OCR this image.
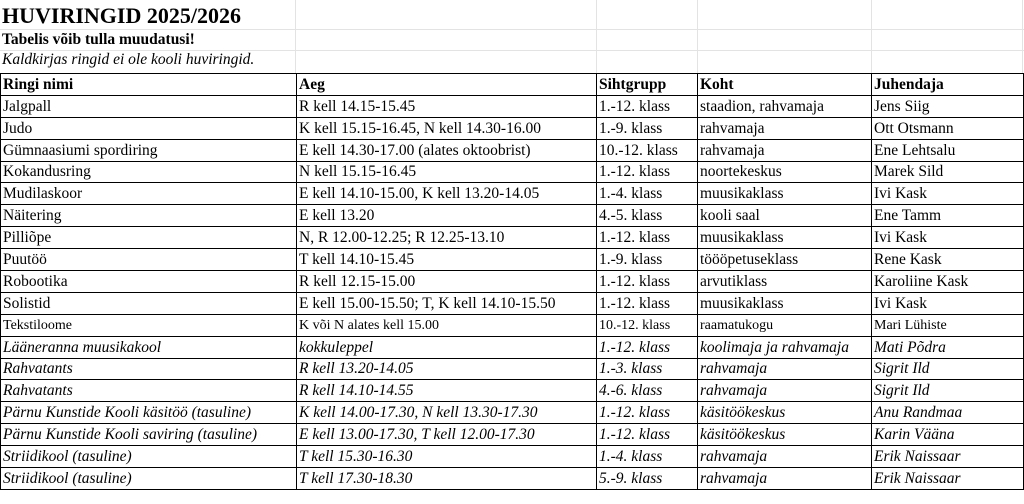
HUVIRINGID 2025/2026
Tabelis võib tulla muudatusi!
Kaldkirjas ringid ei ole kooli huviringid.
Ringi nimi	Aeg	Sihtgrupp	Koht	Juhendaja
Jalgpall	R kell 14.15-15.45	1.-12. klass	staadion, rahvamaja	Jens Siig
Judo	K kell 15.15-16.45, N kell 14.30-16.00	1.-9. klass	rahvamaja	Ott Otsmann
Gümnaasiumi spordiring	E kell 14.30-17.00 (alates oktoobrist)	10.-12. klass	rahvamaja	Ene Lehtsalu
Kokandusring	N kell 15.15-16.45	1.-12. klass	noortekeskus	Marek Sild
Mudilaskoor	E kell 14.10-15.00, K kell 13.20-14.05	1.-4. klass	muusikaklass	Ivi Kask
Näitering	E kell 13.20	4.-5. klass	kooli saal	Ene Tamm
Pilliõpe	N, R 12.00-12.25; R 12.25-13.10	1.-12. klass	muusikaklass	Ivi Kask
Puutöö	T kell 14.10-15.45	1.-9. klass	töööpetuseklass	Rene Kask
Robootika	R kell 12.15-15.00	1.-12. klass	arvutiklass	Karoliine Kask
Solistid	E kell 15.00-15.50; T, K kell 14.10-15.50	1.-12. klass	muusikaklass	Ivi Kask
Tekstiloome	K või N alates kell 15.00	10.-12. klass	raamatukogu	Mari Lühiste
Läänerannа muusikakool	kokkuleppel	1.-12. klass	koolimaja ja rahvamaja	Mati Põdra
Rahvatants	R kell 13.20-14.05	1.-3. klass	rahvamaja	Sigrit Ild
Rahvatants	R kell 14.10-14.55	4.-6. klass	rahvamaja	Sigrit Ild
Pärnu Kunstide Kooli käsitöö (tasuline)	K kell 14.00-17.30, N kell 13.30-17.30	1.-12. klass	käsitöökeskus	Anu Randmaa
Pärnu Kunstide Kooli saviring (tasuline)	E kell 13.00-17.30, T kell 12.00-17.30	1.-12. klass	käsitöökeskus	Karin Vääna
Striidikool (tasuline)	T kell 15.30-16.30	1.-4. klass	rahvamaja	Erik Naissaar
Striidikool (tasuline)	T kell 17.30-18.30	5.-9. klass	rahvamaja	Erik Naissaar
